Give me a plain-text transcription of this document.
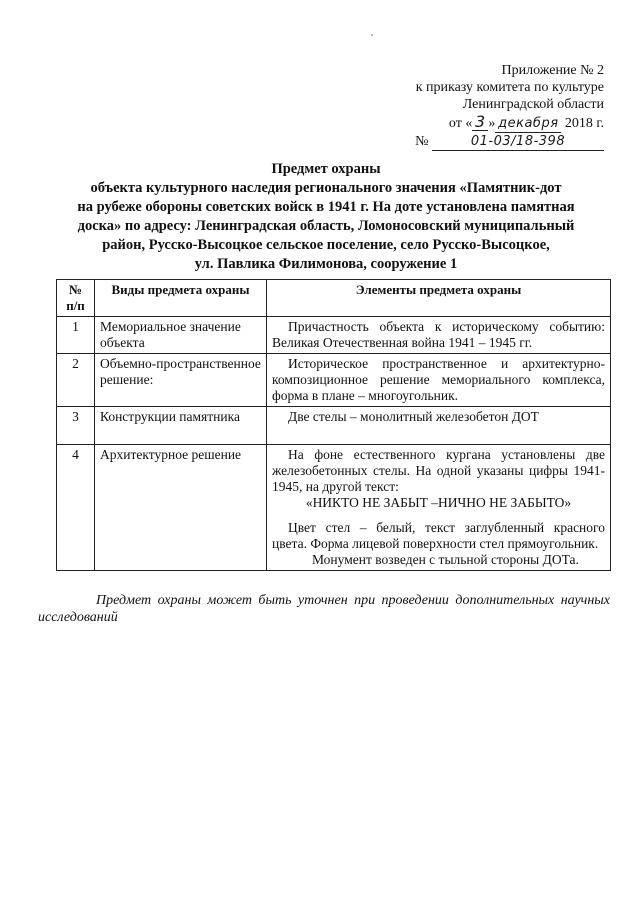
Приложение № 2
к приказу комитета по культуре
Ленинградской области
от « 3 » декабря 2018 г.
№	01-03/18-398
Предмет охраны
объекта культурного наследия регионального значения «Памятник-дот
на рубеже обороны советских войск в 1941 г. На доте установлена памятная
доска» по адресу: Ленинградская область, Ломоносовский муниципальный
район, Русско-Высоцкое сельское поселение, село Русско-Высоцкое,
ул. Павлика Филимонова, сооружение 1
№
п/п	Виды предмета охраны	Элементы предмета охраны
1	Мемориальное значение объекта	Причастность объекта к историческому событию: Великая Отечественная война 1941 – 1945 гг.

2	Объемно-пространственное решение:	Историческое пространственное и архитектурно-композиционное решение мемориального комплекса, форма в плане – многоугольник.

3	Конструкции памятника	Две стелы – монолитный железобетон ДОТ

4	Архитектурное решение	На фоне естественного кургана установлены две железобетонных стелы. На одной указаны цифры 1941-1945, на другой текст:

«НИКТО НЕ ЗАБЫТ –НИЧНО НЕ ЗАБЫТО»

Цвет стел – белый, текст заглубленный красного цвета. Форма лицевой поверхности стел прямоугольник.

Монумент возведен с тыльной стороны ДОТа.

Предмет охраны может быть уточнен при проведении дополнительных научных исследований
